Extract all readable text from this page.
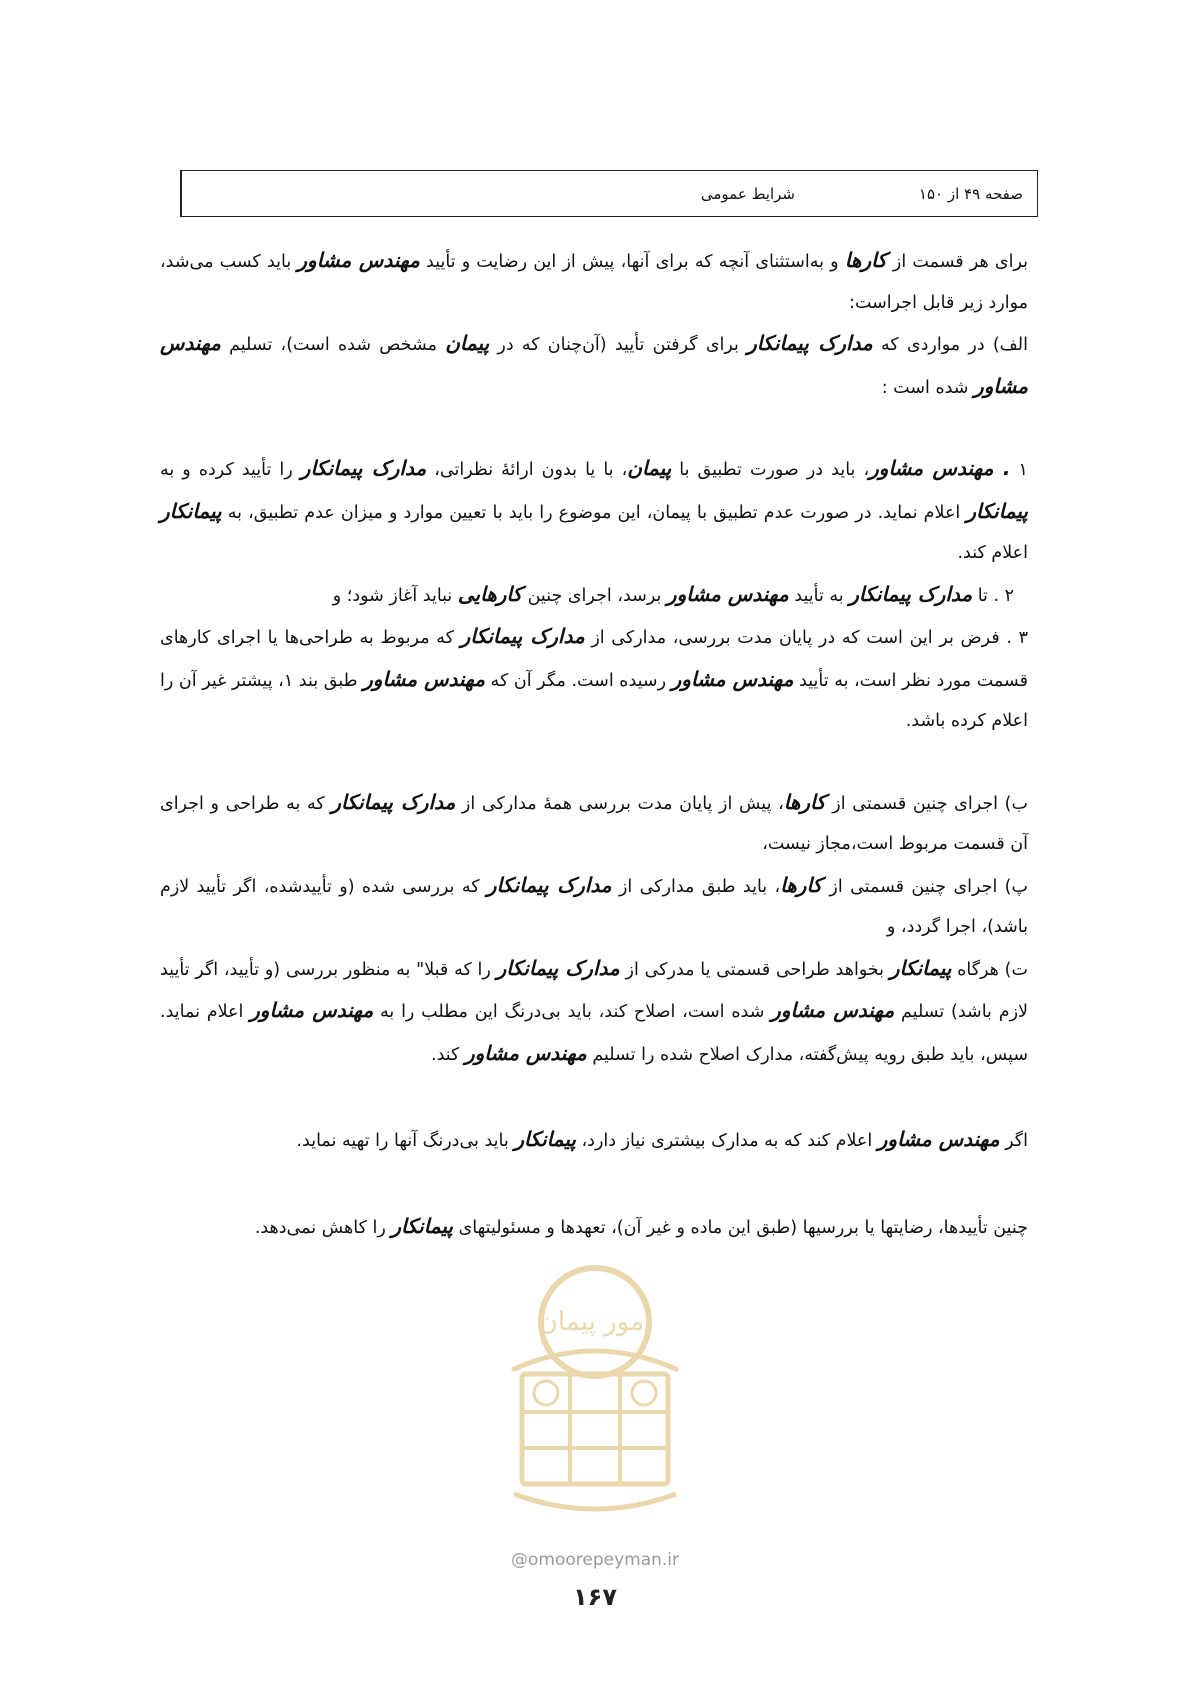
صفحه ۴۹ از ۱۵۰
شرایط عمومی

برای هر قسمت از کارها و به‌استثنای آنچه که برای آنها، پیش از این رضایت و تأیید مهندس مشاور باید کسب می‌شد، موارد زیر قابل اجراست:

الف) در مواردی که مدارک پیمانکار برای گرفتن تأیید (آن‌چنان که در پیمان مشخص شده است)، تسلیم مهندس مشاور شده است :

۱ . مهندس مشاور، باید در صورت تطبیق با پیمان، با یا بدون ارائهٔ نظراتی، مدارک پیمانکار را تأیید کرده و به پیمانکار اعلام نماید. در صورت عدم تطبیق با پیمان، این موضوع را باید با تعیین موارد و میزان عدم تطبیق، به پیمانکار اعلام کند.

۲ . تا مدارک پیمانکار به تأیید مهندس مشاور برسد، اجرای چنین کارهایی نباید آغاز شود؛ و

۳ . فرض بر این است که در پایان مدت بررسی، مدارکی از مدارک پیمانکار که مربوط به طراحی‌ها یا اجرای کارهای قسمت مورد نظر است، به تأیید مهندس مشاور رسیده است. مگر آن که مهندس مشاور طبق بند ۱، پیشتر غیر آن را اعلام کرده باشد.

ب) اجرای چنین قسمتی از کارها، پیش از پایان مدت بررسی همهٔ مدارکی از مدارک پیمانکار که به طراحی و اجرای آن قسمت مربوط است،مجاز نیست،

پ) اجرای چنین قسمتی از کارها، باید طبق مدارکی از مدارک پیمانکار که بررسی شده (و تأییدشده، اگر تأیید لازم باشد)، اجرا گردد، و

ت) هرگاه پیمانکار بخواهد طراحی قسمتی یا مدرکی از مدارک پیمانکار را که قبلا" به منظور بررسی (و تأیید، اگر تأیید لازم باشد) تسلیم مهندس مشاور شده است، اصلاح کند، باید بی‌درنگ این مطلب را به مهندس مشاور اعلام نماید. سپس، باید طبق رویه پیش‌گفته، مدارک اصلاح شده را تسلیم مهندس مشاور کند.

اگر مهندس مشاور اعلام کند که به مدارک بیشتری نیاز دارد، پیمانکار باید بی‌درنگ آنها را تهیه نماید.

چنین تأییدها، رضایتها یا بررسیها (طبق این ماده و غیر آن)، تعهدها و مسئولیتهای پیمانکار را کاهش نمی‌دهد.

امور پیمان
@omoorepeyman.ir
۱۶۷
